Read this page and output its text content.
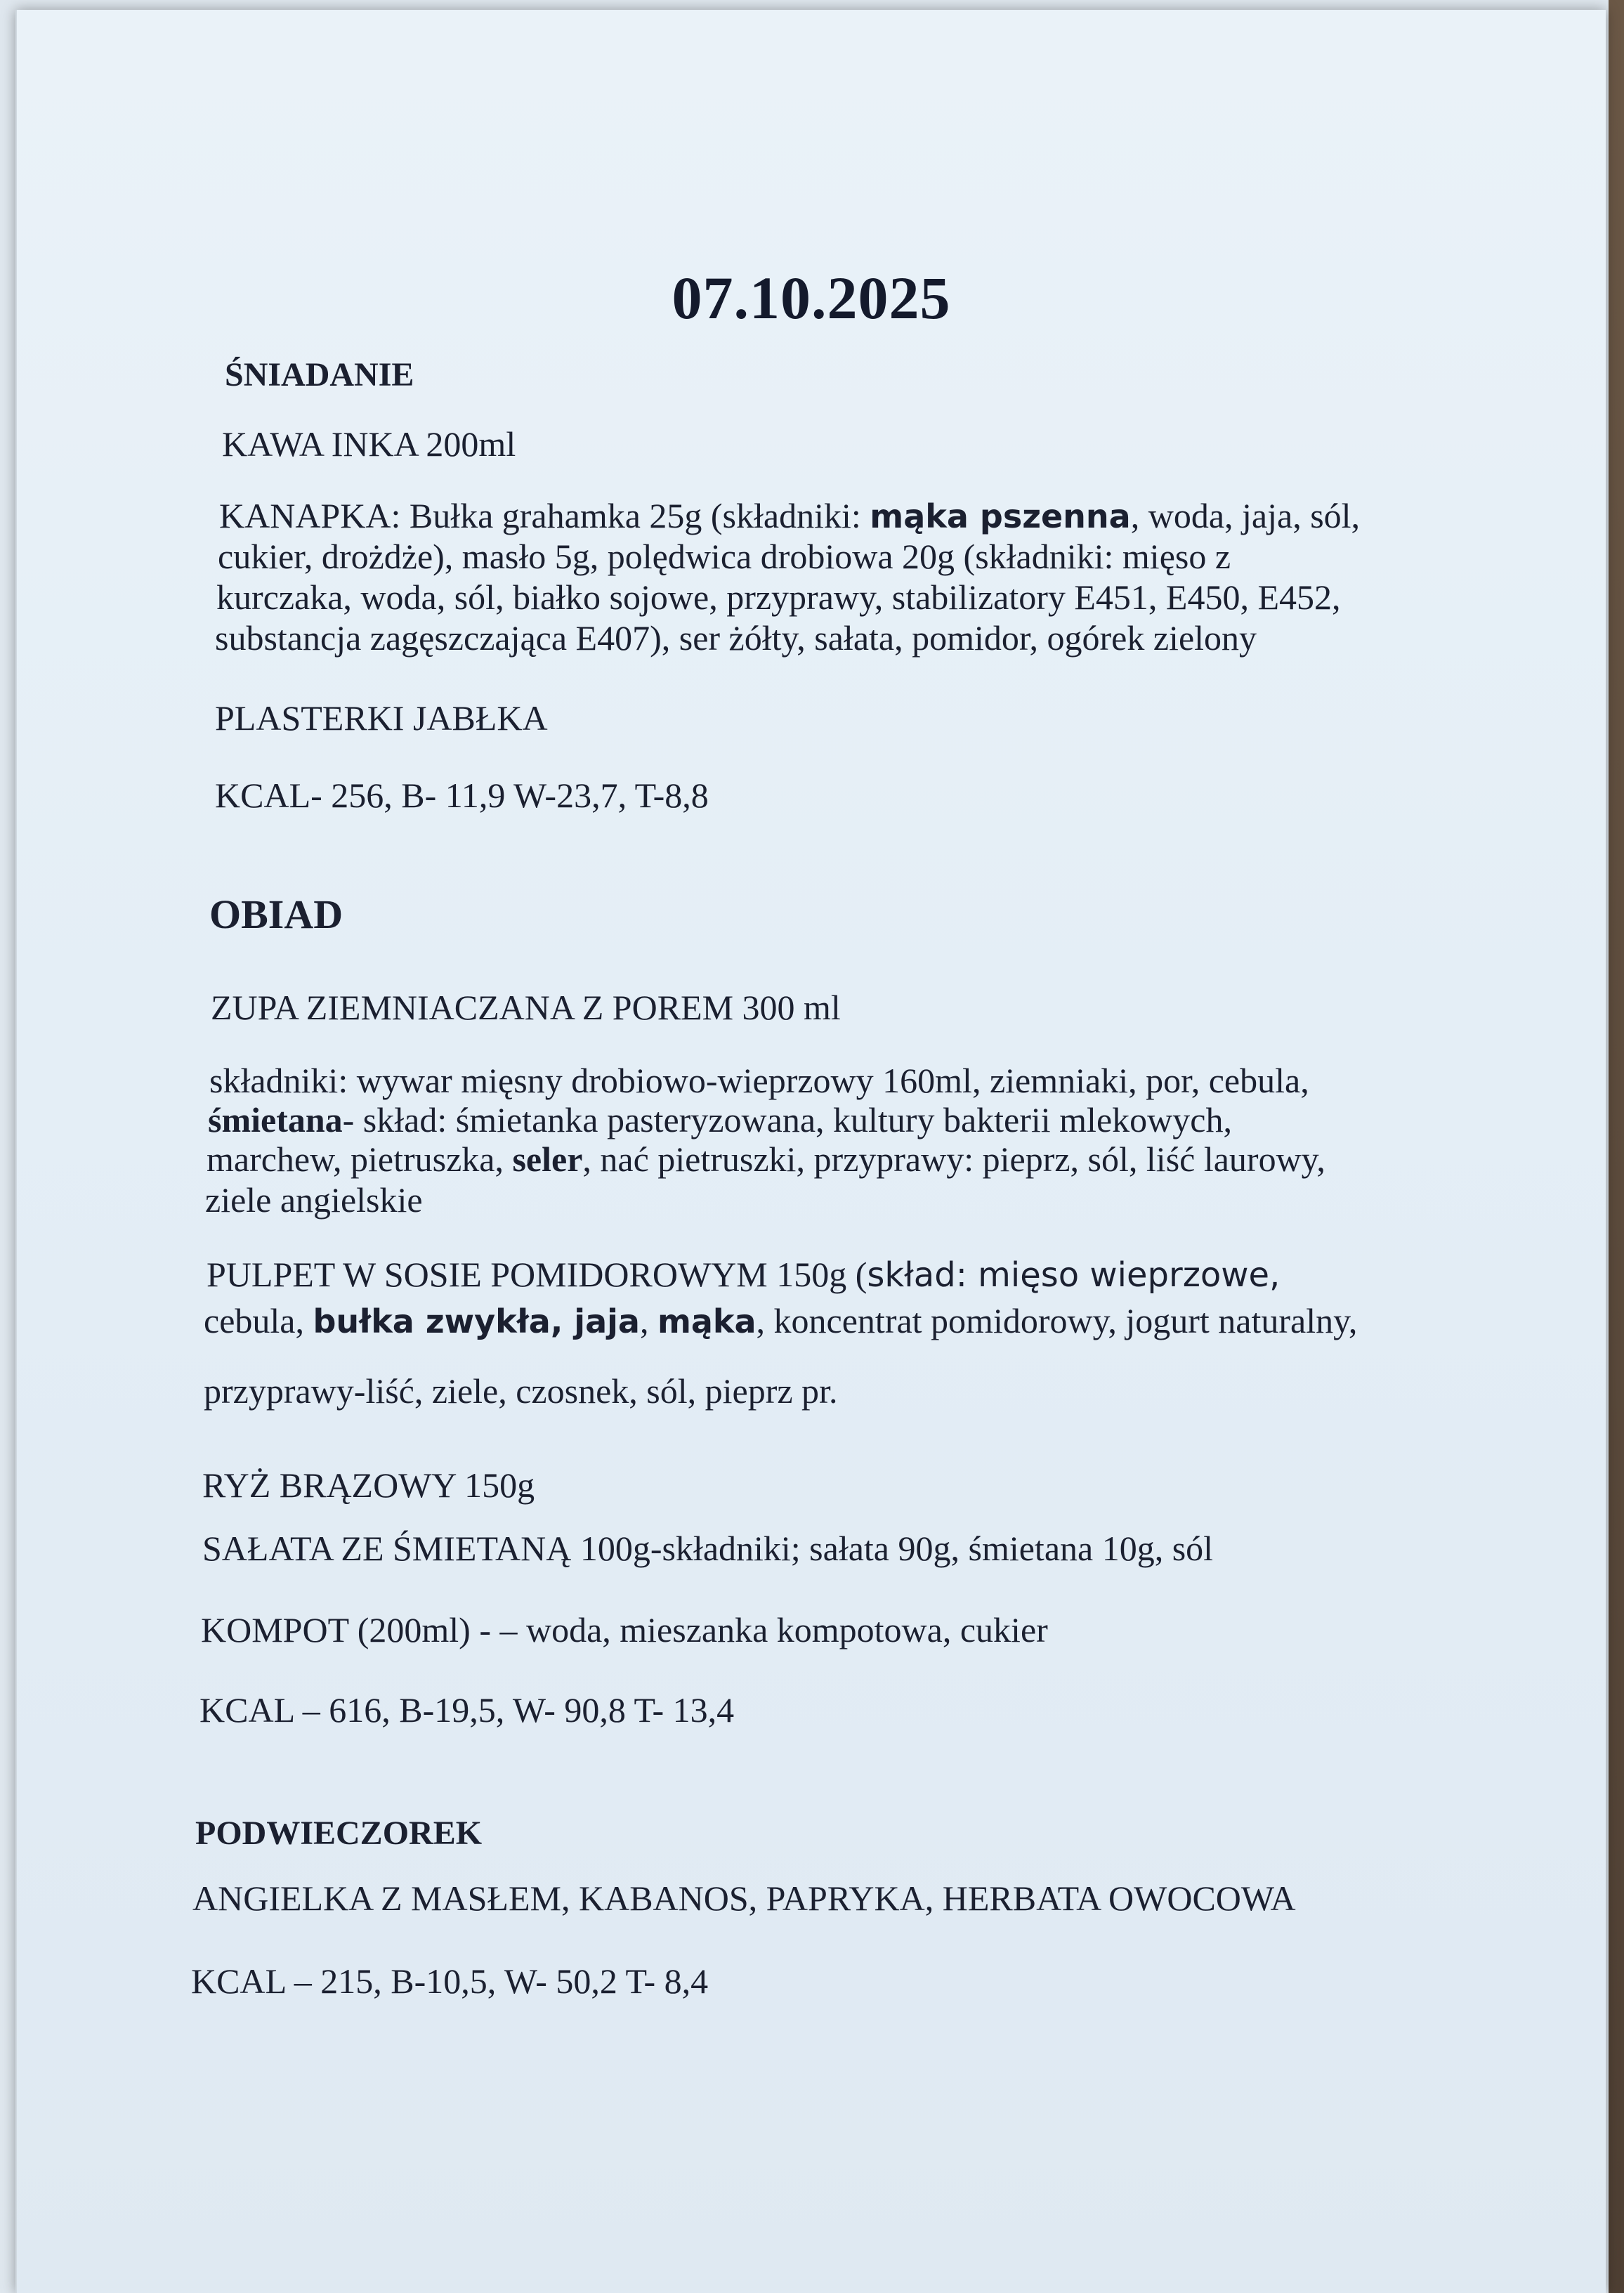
07.10.2025
ŚNIADANIE
KAWA INKA 200ml
KANAPKA: Bułka grahamka 25g (składniki: mąka pszenna, woda, jaja, sól,
cukier, drożdże), masło 5g, polędwica drobiowa 20g (składniki: mięso z
kurczaka, woda, sól, białko sojowe, przyprawy, stabilizatory E451, E450, E452,
substancja zagęszczająca E407), ser żółty, sałata, pomidor, ogórek zielony
PLASTERKI JABŁKA
KCAL- 256, B- 11,9 W-23,7, T-8,8
OBIAD
ZUPA ZIEMNIACZANA Z POREM 300 ml
składniki: wywar mięsny drobiowo-wieprzowy 160ml, ziemniaki, por, cebula,
śmietana- skład: śmietanka pasteryzowana, kultury bakterii mlekowych,
marchew, pietruszka, seler, nać pietruszki, przyprawy: pieprz, sól, liść laurowy,
ziele angielskie
PULPET W SOSIE POMIDOROWYM 150g (skład: mięso wieprzowe,
cebula, bułka zwykła, jaja, mąka, koncentrat pomidorowy, jogurt naturalny,
przyprawy-liść, ziele, czosnek, sól, pieprz pr.
RYŻ BRĄZOWY 150g
SAŁATA ZE ŚMIETANĄ 100g-składniki; sałata 90g, śmietana 10g, sól
KOMPOT (200ml) - – woda, mieszanka kompotowa, cukier
KCAL – 616, B-19,5, W- 90,8 T- 13,4
PODWIECZOREK
ANGIELKA Z MASŁEM, KABANOS, PAPRYKA, HERBATA OWOCOWA
KCAL – 215, B-10,5, W- 50,2 T- 8,4
